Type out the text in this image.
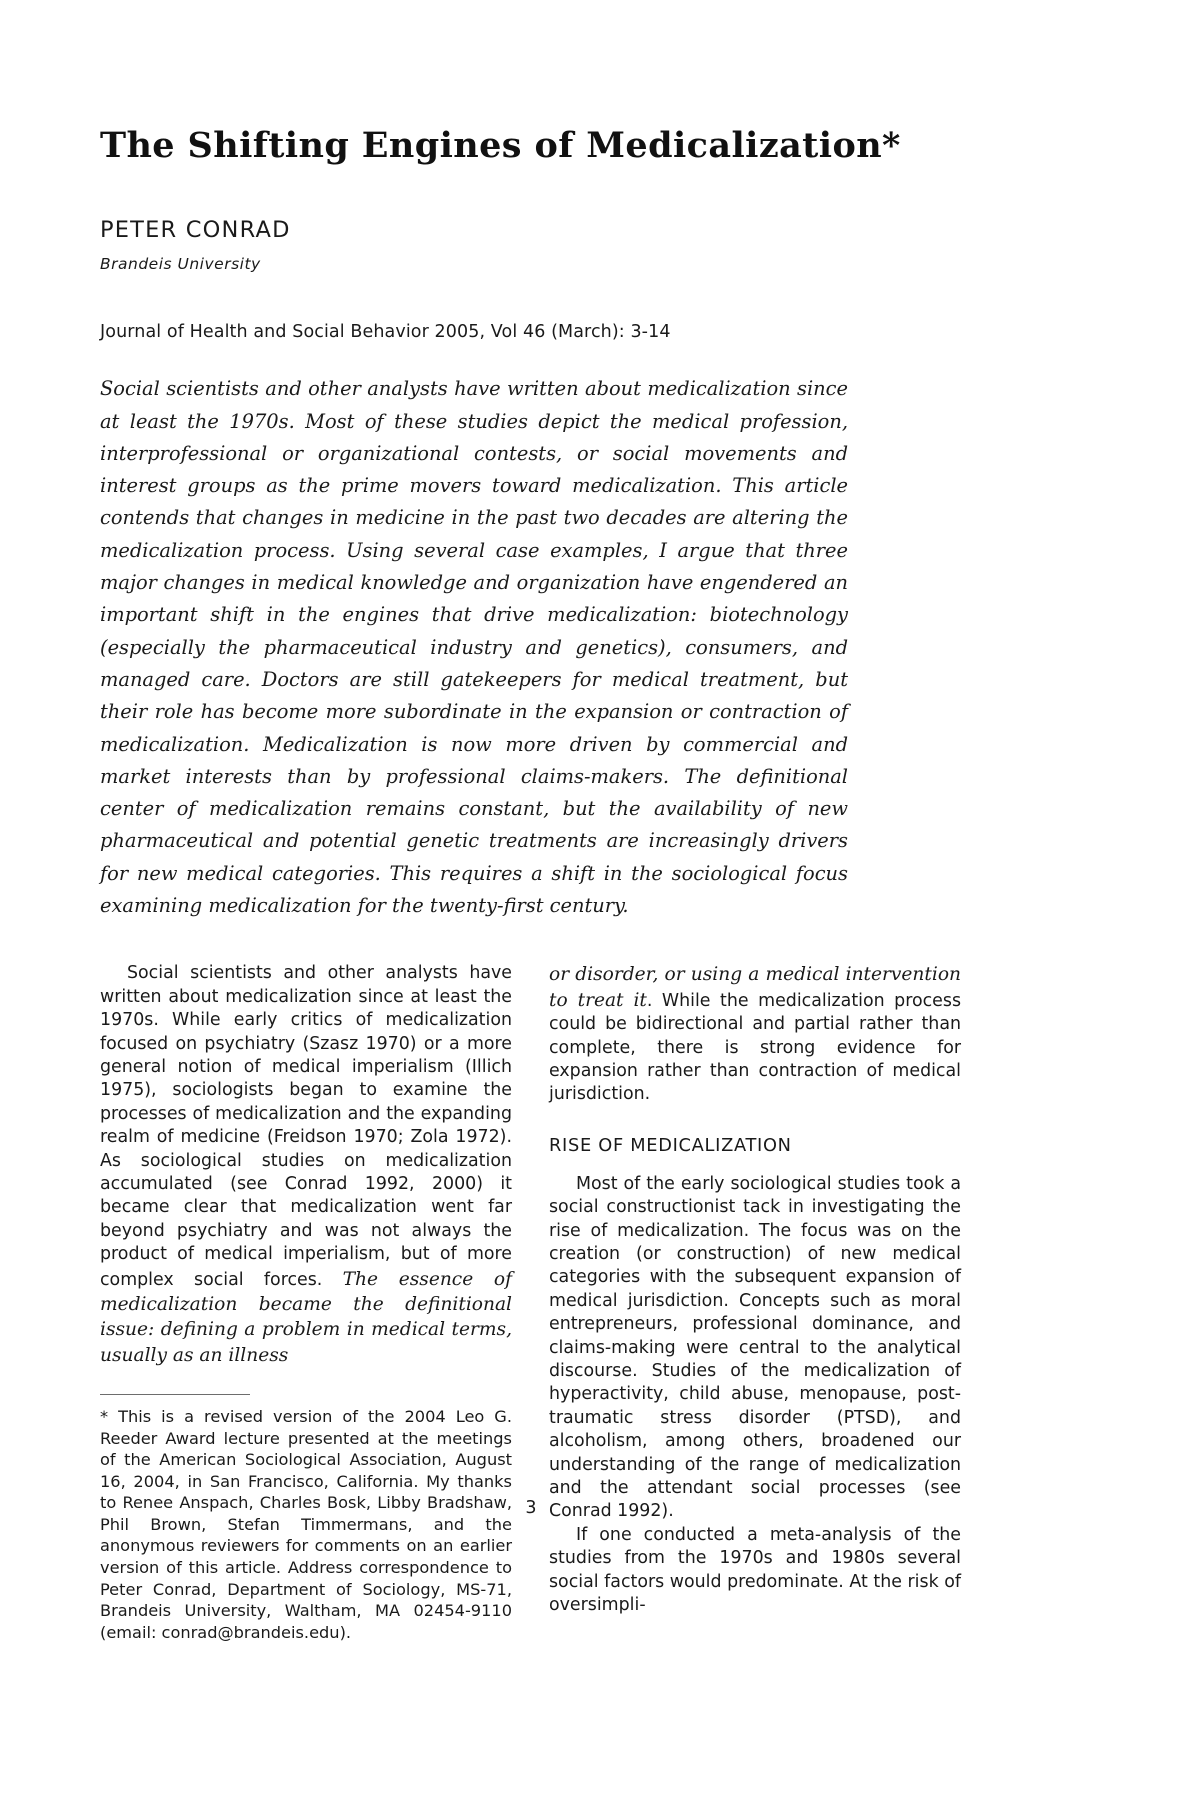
The Shifting Engines of Medicalization*
PETER CONRAD
Brandeis University
Journal of Health and Social Behavior 2005, Vol 46 (March): 3-14
Social scientists and other analysts have written about medicalization since at least the 1970s. Most of these studies depict the medical profession, interprofessional or organizational contests, or social movements and interest groups as the prime movers toward medicalization. This article contends that changes in medicine in the past two decades are altering the medicalization process. Using several case examples, I argue that three major changes in medical knowledge and organization have engendered an important shift in the engines that drive medicalization: biotechnology (especially the pharmaceutical industry and genetics), consumers, and managed care. Doctors are still gatekeepers for medical treatment, but their role has become more subordinate in the expansion or contraction of medicalization. Medicalization is now more driven by commercial and market interests than by professional claims-makers. The definitional center of medicalization remains constant, but the availability of new pharmaceutical and potential genetic treatments are increasingly drivers for new medical categories. This requires a shift in the sociological focus examining medicalization for the twenty-first century.

Social scientists and other analysts have written about medicalization since at least the 1970s. While early critics of medicalization focused on psychiatry (Szasz 1970) or a more general notion of medical imperialism (Illich 1975), sociologists began to examine the processes of medicalization and the expanding realm of medicine (Freidson 1970; Zola 1972). As sociological studies on medicalization accumulated (see Conrad 1992, 2000) it became clear that medicalization went far beyond psychiatry and was not always the product of medical imperialism, but of more complex social forces. The essence of medicalization became the definitional issue: defining a problem in medical terms, usually as an illness

* This is a revised version of the 2004 Leo G. Reeder Award lecture presented at the meetings of the American Sociological Association, August 16, 2004, in San Francisco, California. My thanks to Renee Anspach, Charles Bosk, Libby Bradshaw, Phil Brown, Stefan Timmermans, and the anonymous reviewers for comments on an earlier version of this article. Address correspondence to Peter Conrad, Department of Sociology, MS-71, Brandeis University, Waltham, MA 02454-9110 (email: conrad@brandeis.edu).

or disorder, or using a medical intervention to treat it. While the medicalization process could be bidirectional and partial rather than complete, there is strong evidence for expansion rather than contraction of medical jurisdiction.

RISE OF MEDICALIZATION

Most of the early sociological studies took a social constructionist tack in investigating the rise of medicalization. The focus was on the creation (or construction) of new medical categories with the subsequent expansion of medical jurisdiction. Concepts such as moral entrepreneurs, professional dominance, and claims-making were central to the analytical discourse. Studies of the medicalization of hyperactivity, child abuse, menopause, post-traumatic stress disorder (PTSD), and alcoholism, among others, broadened our understanding of the range of medicalization and the attendant social processes (see Conrad 1992).

If one conducted a meta-analysis of the studies from the 1970s and 1980s several social factors would predominate. At the risk of oversimpli-

3
